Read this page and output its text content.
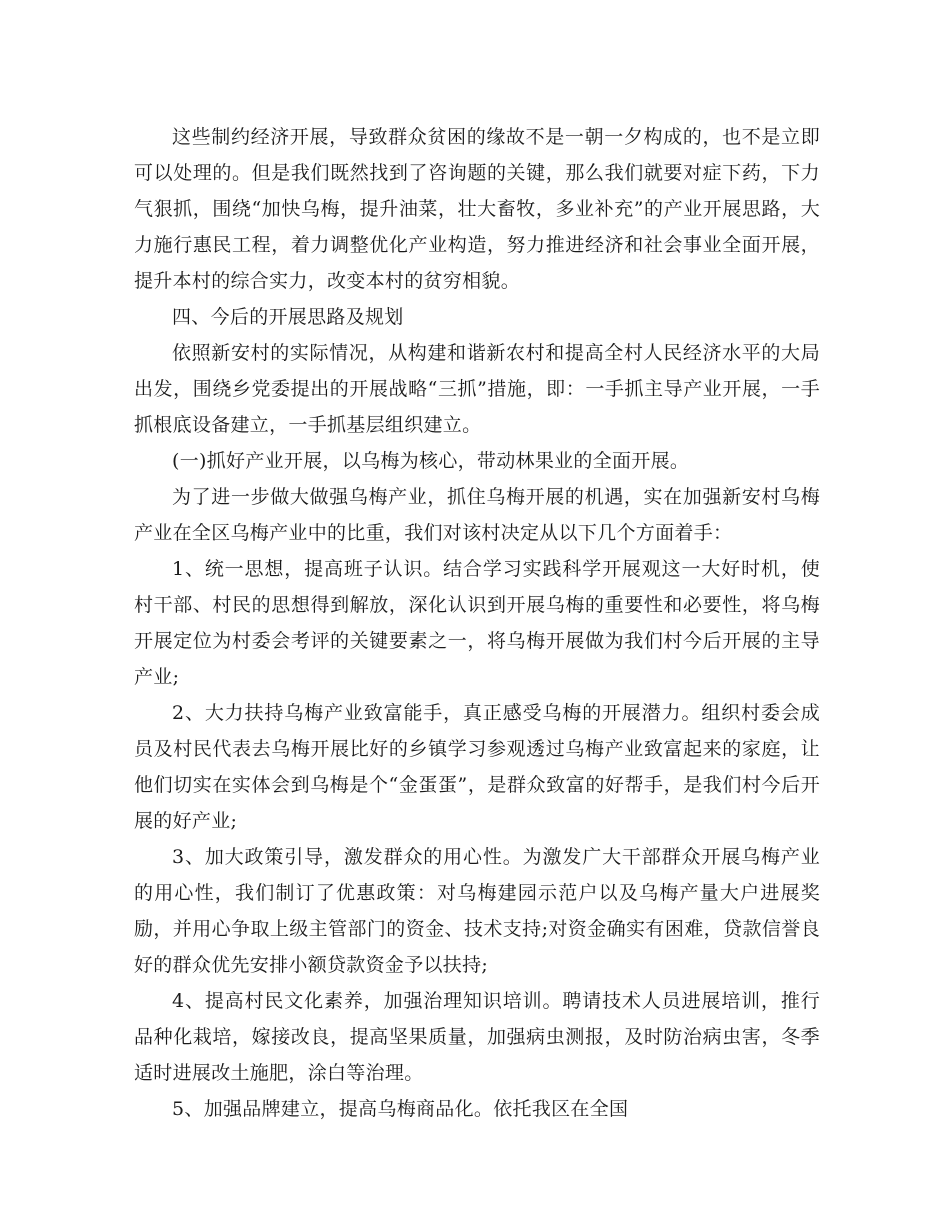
这些制约经济开展，导致群众贫困的缘故不是一朝一夕构成的，也不是立即可以处理的。但是我们既然找到了咨询题的关键，那么我们就要对症下药，下力气狠抓，围绕“加快乌梅，提升油菜，壮大畜牧，多业补充”的产业开展思路，大力施行惠民工程，着力调整优化产业构造，努力推进经济和社会事业全面开展，提升本村的综合实力，改变本村的贫穷相貌。

四、今后的开展思路及规划

依照新安村的实际情况，从构建和谐新农村和提高全村人民经济水平的大局出发，围绕乡党委提出的开展战略“三抓”措施，即：一手抓主导产业开展，一手抓根底设备建立，一手抓基层组织建立。

(一)抓好产业开展，以乌梅为核心，带动林果业的全面开展。

为了进一步做大做强乌梅产业，抓住乌梅开展的机遇，实在加强新安村乌梅产业在全区乌梅产业中的比重，我们对该村决定从以下几个方面着手：

1、统一思想，提高班子认识。结合学习实践科学开展观这一大好时机，使村干部、村民的思想得到解放，深化认识到开展乌梅的重要性和必要性，将乌梅开展定位为村委会考评的关键要素之一，将乌梅开展做为我们村今后开展的主导产业;

2、大力扶持乌梅产业致富能手，真正感受乌梅的开展潜力。组织村委会成员及村民代表去乌梅开展比好的乡镇学习参观透过乌梅产业致富起来的家庭，让他们切实在实体会到乌梅是个“金蛋蛋”，是群众致富的好帮手，是我们村今后开展的好产业;

3、加大政策引导，激发群众的用心性。为激发广大干部群众开展乌梅产业的用心性，我们制订了优惠政策：对乌梅建园示范户以及乌梅产量大户进展奖励，并用心争取上级主管部门的资金、技术支持;对资金确实有困难，贷款信誉良好的群众优先安排小额贷款资金予以扶持;

4、提高村民文化素养，加强治理知识培训。聘请技术人员进展培训，推行品种化栽培，嫁接改良，提高坚果质量，加强病虫测报，及时防治病虫害，冬季适时进展改土施肥，涂白等治理。

5、加强品牌建立，提高乌梅商品化。依托我区在全国
